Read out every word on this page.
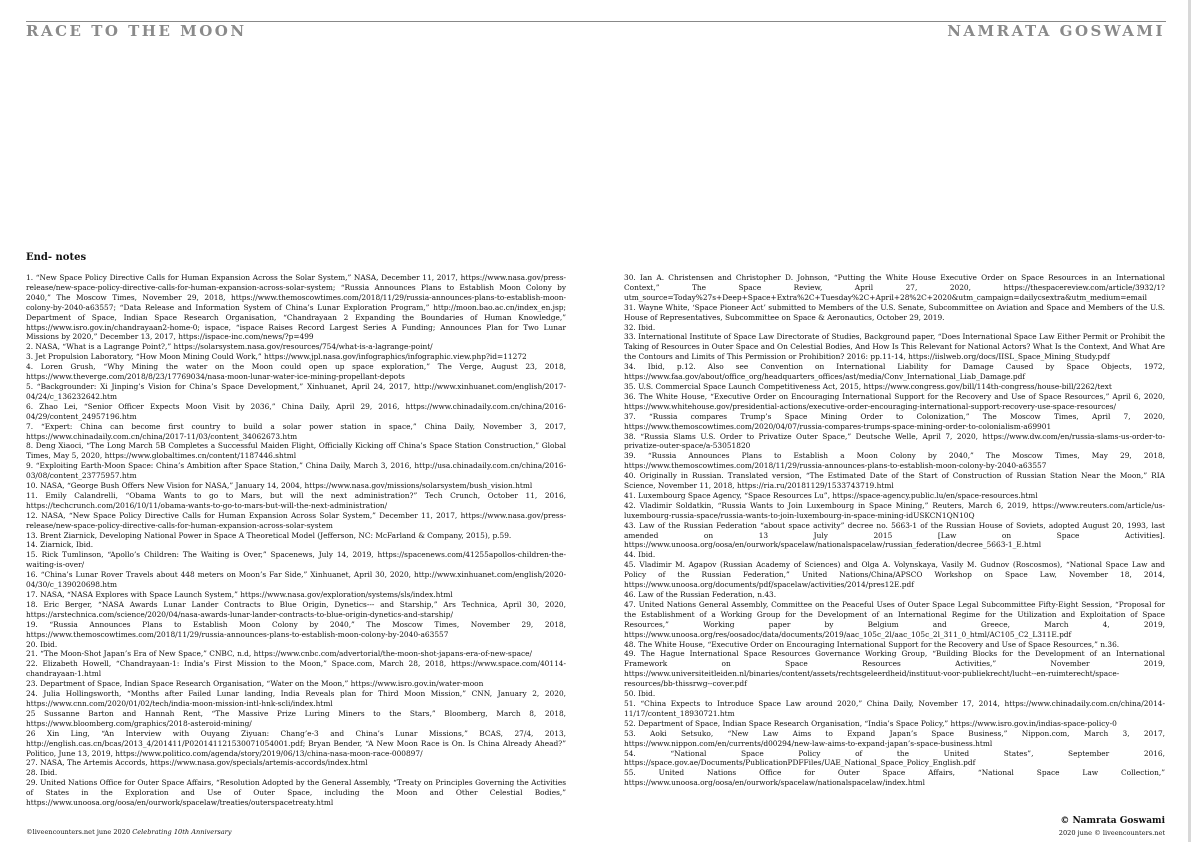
RACE TO THE MOON	NAMRATA GOSWAMI
End- notes

1. “New Space Policy Directive Calls for Human Expansion Across the Solar System,” NASA, December 11, 2017, https://www.nasa.gov/press-release/new-space-policy-directive-calls-for-human-expansion-across-solar-system; “Russia Announces Plans to Establish Moon Colony by 2040,” The Moscow Times, November 29, 2018, https://www.themoscowtimes.com/2018/11/29/russia-announces-plans-to-establish-moon-colony-by-2040-a63557; “Data Release and Information System of China’s Lunar Exploration Program,” http://moon.bao.ac.cn/index_en.jsp; Department of Space, Indian Space Research Organisation, “Chandrayaan 2 Expanding the Boundaries of Human Knowledge,” https://www.isro.gov.in/chandrayaan2-home-0; ispace, “ispace Raises Record Largest Series A Funding; Announces Plan for Two Lunar Missions by 2020,” December 13, 2017, https://ispace-inc.com/news/?p=499

2. NASA, “What is a Lagrange Point?,” https://solarsystem.nasa.gov/resources/754/what-is-a-lagrange-point/

3. Jet Propulsion Laboratory, “How Moon Mining Could Work,” https://www.jpl.nasa.gov/infographics/infographic.view.php?id=11272

4. Loren Grush, “Why Mining the water on the Moon could open up space exploration,” The Verge, August 23, 2018, https://www.theverge.com/2018/8/23/17769034/nasa-moon-lunar-water-ice-mining-propellant-depots

5. “Backgrounder: Xi Jinping’s Vision for China’s Space Development,” Xinhuanet, April 24, 2017, http://www.xinhuanet.com/english/2017-04/24/c_136232642.htm

6. Zhao Lei, “Senior Officer Expects Moon Visit by 2036,” China Daily, April 29, 2016, https://www.chinadaily.com.cn/china/2016-04/29/content_24957196.htm

7. “Expert: China can become first country to build a solar power station in space,” China Daily, November 3, 2017, https://www.chinadaily.com.cn/china/2017-11/03/content_34062673.htm

8. Deng Xiaoci, “The Long March 5B Completes a Successful Maiden Flight, Officially Kicking off China’s Space Station Construction,” Global Times, May 5, 2020, https://www.globaltimes.cn/content/1187446.shtml

9. “Exploiting Earth-Moon Space: China’s Ambition after Space Station,” China Daily, March 3, 2016, http://usa.chinadaily.com.cn/china/2016-03/08/content_23775957.htm

10. NASA, “George Bush Offers New Vision for NASA,” January 14, 2004, https://www.nasa.gov/missions/solarsystem/bush_vision.html

11. Emily Calandrelli, “Obama Wants to go to Mars, but will the next administration?” Tech Crunch, October 11, 2016, https://techcrunch.com/2016/10/11/obama-wants-to-go-to-mars-but-will-the-next-administration/

12. NASA, “New Space Policy Directive Calls for Human Expansion Across Solar System,” December 11, 2017, https://www.nasa.gov/press-release/new-space-policy-directive-calls-for-human-expansion-across-solar-system

13. Brent Ziarnick, Developing National Power in Space A Theoretical Model (Jefferson, NC: McFarland & Company, 2015), p.59.

14. Ziarnick, Ibid.

15. Rick Tumlinson, “Apollo’s Children: The Waiting is Over,” Spacenews, July 14, 2019, https://spacenews.com/41255apollos-children-the-waiting-is-over/

16. “China’s Lunar Rover Travels about 448 meters on Moon’s Far Side,” Xinhuanet, April 30, 2020, http://www.xinhuanet.com/english/2020-04/30/c_139020698.htm

17. NASA, “NASA Explores with Space Launch System,” https://www.nasa.gov/exploration/systems/sls/index.html

18. Eric Berger, “NASA Awards Lunar Lander Contracts to Blue Origin, Dynetics--- and Starship,” Ars Technica, April 30, 2020, https://arstechnica.com/science/2020/04/nasa-awards-lunar-lander-contracts-to-blue-origin-dynetics-and-starship/

19. “Russia Announces Plans to Establish Moon Colony by 2040,” The Moscow Times, November 29, 2018, https://www.themoscowtimes.com/2018/11/29/russia-announces-plans-to-establish-moon-colony-by-2040-a63557

20. Ibid.

21. “The Moon-Shot Japan’s Era of New Space,” CNBC, n.d, https://www.cnbc.com/advertorial/the-moon-shot-japans-era-of-new-space/

22. Elizabeth Howell, “Chandrayaan-1: India’s First Mission to the Moon,” Space.com, March 28, 2018, https://www.space.com/40114-chandrayaan-1.html

23. Department of Space, Indian Space Research Organisation, “Water on the Moon,” https://www.isro.gov.in/water-moon

24. Julia Hollingsworth, “Months after Failed Lunar landing, India Reveals plan for Third Moon Mission,” CNN, January 2, 2020, https://www.cnn.com/2020/01/02/tech/india-moon-mission-intl-hnk-scli/index.html

25 Sussanne Barton and Hannah Rent, “The Massive Prize Luring Miners to the Stars,” Bloomberg, March 8, 2018, https://www.bloomberg.com/graphics/2018-asteroid-mining/

26 Xin Ling, “An Interview with Ouyang Ziyuan: Chang’e-3 and China’s Lunar Missions,” BCAS, 27/4, 2013, http://english.cas.cn/bcas/2013_4/201411/P020141121530071054001.pdf; Bryan Bender, “A New Moon Race is On. Is China Already Ahead?” Politico, June 13, 2019, https://www.politico.com/agenda/story/2019/06/13/china-nasa-moon-race-000897/

27. NASA, The Artemis Accords, https://www.nasa.gov/specials/artemis-accords/index.html

28. Ibid.

29. United Nations Office for Outer Space Affairs, “Resolution Adopted by the General Assembly, “Treaty on Principles Governing the Activities of States in the Exploration and Use of Outer Space, including the Moon and Other Celestial Bodies,” https://www.unoosa.org/oosa/en/ourwork/spacelaw/treaties/outerspacetreaty.html

30. Ian A. Christensen and Christopher D. Johnson, “Putting the White House Executive Order on Space Resources in an International Context,” The Space Review, April 27, 2020, https://thespacereview.com/article/3932/1?utm_source=Today%27s+Deep+Space+Extra%2C+Tuesday%2C+April+28%2C+2020&utm_campaign=dailycsextra&utm_medium=email

31. Wayne White, ‘Space Pioneer Act’ submitted to Members of the U.S. Senate, Subcommittee on Aviation and Space and Members of the U.S. House of Representatives, Subcommittee on Space & Aeronautics, October 29, 2019.

32. Ibid.

33. International Institute of Space Law Directorate of Studies, Background paper, “Does International Space Law Either Permit or Prohibit the Taking of Resources in Outer Space and On Celestial Bodies, And How Is This Relevant for National Actors? What Is the Context, And What Are the Contours and Limits of This Permission or Prohibition? 2016: pp.11-14, https://iislweb.org/docs/IISL_Space_Mining_Study.pdf

34. Ibid, p.12. Also see Convention on International Liability for Damage Caused by Space Objects, 1972, https://www.faa.gov/about/office_org/headquarters_offices/ast/media/Conv_International_Liab_Damage.pdf

35. U.S. Commercial Space Launch Competitiveness Act, 2015, https://www.congress.gov/bill/114th-congress/house-bill/2262/text

36. The White House, “Executive Order on Encouraging International Support for the Recovery and Use of Space Resources,” April 6, 2020, https://www.whitehouse.gov/presidential-actions/executive-order-encouraging-international-support-recovery-use-space-resources/

37. “Russia compares Trump’s Space Mining Order to Colonization,” The Moscow Times, April 7, 2020, https://www.themoscowtimes.com/2020/04/07/russia-compares-trumps-space-mining-order-to-colonialism-a69901

38. “Russia Slams U.S. Order to Privatize Outer Space,” Deutsche Welle, April 7, 2020, https://www.dw.com/en/russia-slams-us-order-to-privatize-outer-space/a-53051820

39. “Russia Announces Plans to Establish a Moon Colony by 2040,” The Moscow Times, May 29, 2018, https://www.themoscowtimes.com/2018/11/29/russia-announces-plans-to-establish-moon-colony-by-2040-a63557

40. Originally in Russian. Translated version, “The Estimated Date of the Start of Construction of Russian Station Near the Moon,” RIA Science, November 11, 2018, https://ria.ru/20181129/1533743719.html

41. Luxembourg Space Agency, “Space Resources Lu”, https://space-agency.public.lu/en/space-resources.html

42. Vladimir Soldatkin, “Russia Wants to Join Luxembourg in Space Mining,” Reuters, March 6, 2019, https://www.reuters.com/article/us-luxembourg-russia-space/russia-wants-to-join-luxembourg-in-space-mining-idUSKCN1QN10Q

43. Law of the Russian Federation “about space activity” decree no. 5663-1 of the Russian House of Soviets, adopted August 20, 1993, last amended on 13 July 2015 [Law on Space Activities]. https://www.unoosa.org/oosa/en/ourwork/spacelaw/nationalspacelaw/russian_federation/decree_5663-1_E.html

44. Ibid.

45. Vladimir M. Agapov (Russian Academy of Sciences) and Olga A. Volynskaya, Vasily M. Gudnov (Roscosmos), “National Space Law and Policy of the Russian Federation,” United Nations/China/APSCO Workshop on Space Law, November 18, 2014, https://www.unoosa.org/documents/pdf/spacelaw/activities/2014/pres12E.pdf

46. Law of the Russian Federation, n.43.

47. United Nations General Assembly, Committee on the Peaceful Uses of Outer Space Legal Subcommittee Fifty-Eight Session, “Proposal for the Establishment of a Working Group for the Development of an International Regime for the Utilization and Exploitation of Space Resources,” Working paper by Belgium and Greece, March 4, 2019, https://www.unoosa.org/res/oosadoc/data/documents/2019/aac_105c_2l/aac_105c_2l_311_0_html/AC105_C2_L311E.pdf

48. The White House, “Executive Order on Encouraging International Support for the Recovery and Use of Space Resources,” n.36.

49. The Hague International Space Resources Governance Working Group, “Building Blocks for the Development of an International Framework on Space Resources Activities,” November 2019, https://www.universiteitleiden.nl/binaries/content/assets/rechtsgeleerdheid/instituut-voor-publiekrecht/lucht--en-ruimterecht/space-resources/bb-thissrwg--cover.pdf

50. Ibid.

51. “China Expects to Introduce Space Law around 2020,” China Daily, November 17, 2014, https://www.chinadaily.com.cn/china/2014-11/17/content_18930721.htm

52. Department of Space, Indian Space Research Organisation, “India’s Space Policy,” https://www.isro.gov.in/indias-space-policy-0

53. Aoki Setsuko, “New Law Aims to Expand Japan’s Space Business,” Nippon.com, March 3, 2017, https://www.nippon.com/en/currents/d00294/new-law-aims-to-expand-japan’s-space-business.html

54. “National Space Policy of the United States”, September 2016, https://space.gov.ae/Documents/PublicationPDFFiles/UAE_National_Space_Policy_English.pdf

55. United Nations Office for Outer Space Affairs, “National Space Law Collection,” https://www.unoosa.org/oosa/en/ourwork/spacelaw/nationalspacelaw/index.html

©liveencounters.net june 2020 Celebrating 10th Anniversary
© Namrata Goswami
2020 june © liveencounters.net
